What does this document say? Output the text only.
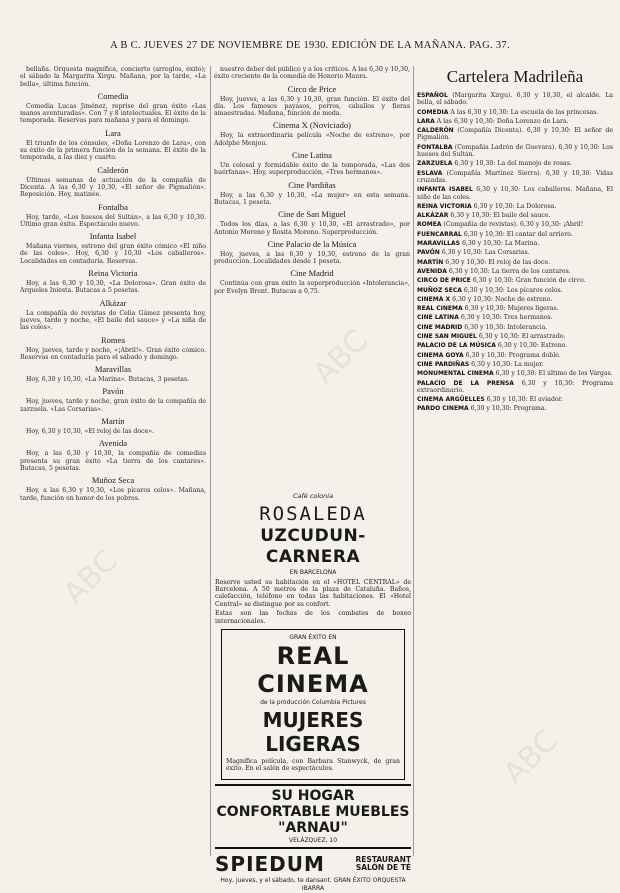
A B C. JUEVES 27 DE NOVIEMBRE DE 1930. EDICIÓN DE LA MAÑANA. PAG. 37.
bellaña. Orquesta magnífica, concierto (arreglos, éxito); el sábado la Margarita Xirgu. Mañana, por la tarde, «La bella», última función.
Comedia
Comedia Lucas Jiménez, reprise del gran éxito «Las manos aventuradas». Con 7 y 8 intelectuales. El éxito de la temporada. Reservas para mañana y para el domingo.
Lara
El triunfo de los cónsules, «Doña Lorenzo de Lara», con su éxito de la primera función de la semana. El éxito de la temporada, a las diez y cuarto.
Calderón
Últimas semanas de actuación de la compañía de Dicenta. A las 6,30 y 10,30, «El señor de Pigmalión». Reposición. Hoy, matinée.
Fontalba
Hoy, tarde, «Los huesos del Sultán», a las 6,30 y 10,30. Último gran éxito. Espectáculo nuevo.
Infanta Isabel
Mañana viernes, estreno del gran éxito cómico «El niño de las coles». Hoy, 6,30 y 10,30 «Los caballeros». Localidades en contaduría. Reservas.
Reina Victoria
Hoy, a las 6,30 y 10,30, «La Dolorosa». Gran éxito de Arqueles Iniesta. Butacas a 5 pesetas.
Alkázar
La compañía de revistas de Celia Gámez presenta hoy, jueves, tarde y noche, «El baile del sauce» y «La niña de las coles».
Romea
Hoy, jueves, tarde y noche, «¡Abril!». Gran éxito cómico. Reservas en contaduría para el sábado y domingo.
Maravillas
Hoy, 6,30 y 10,30, «La Marina». Butacas, 3 pesetas.
Pavón
Hoy, jueves, tarde y noche, gran éxito de la compañía de zarzuela. «Las Corsarias».
Martín
Hoy, 6,30 y 10,30, «El reloj de las doce».
Avenida
Hoy, a las 6,30 y 10,30, la compañía de comedias presenta su gran éxito «La tierra de los cantares». Butacas, 5 pesetas.
Muñoz Seca
Hoy, a las 6,30 y 10,30, «Los pícaros celos». Mañana, tarde, función en honor de los pobres.
nuestro deber del público y a los críticos. A las 6,30 y 10,30, éxito creciente de la comedia de Honorio Maura.
Circo de Price
Hoy, jueves, a las 6,30 y 10,30, gran función. El éxito del día. Los famosos payasos, perros, caballos y fieras amaestradas. Mañana, función de moda.
Cinema X (Noviciado)
Hoy, la extraordinaria película «Noche de estreno», por Adolphe Menjou.
Cine Latina
Un colosal y formidable éxito de la temporada, «Las dos huérfanas». Hoy, superproducción, «Tres hermanos».
Cine Pardiñas
Hoy, a las 6,30 y 10,30, «La mujer» en esta semana. Butacas, 1 peseta.
Cine de San Miguel
Todos los días, a las 6,30 y 10,30, «El arrastrado», por Antonio Moreno y Rosita Moreno. Superproducción.
Cine Palacio de la Música
Hoy, jueves, a las 6,30 y 10,30, estreno de la gran producción. Localidades desde 1 peseta.
Cine Madrid
Continúa con gran éxito la superproducción «Intolerancia», por Evelyn Brent. Butacas a 0,75.
Café colonia
ROSALEDA
UZCUDUN-CARNERA
EN BARCELONA
Reserve usted su habitación en el «HOTEL CENTRAL» de Barcelona. A 50 metros de la plaza de Cataluña. Baños, calefacción, teléfono en todas las habitaciones. El «Hotel Central» se distingue por su confort.
Estas son las fechas de los combates de boxeo internacionales.
GRAN ÉXITO EN
REAL CINEMA
de la producción Columbia Pictures
MUJERES LIGERAS
Magnífica película, con Barbara Stanwyck, de gran éxito. En el salón de espectáculos.
SU HOGAR CONFORTABLE MUEBLES "ARNAU"
VELÁZQUEZ, 10
SPIEDUM	RESTAURANT SALÓN DE TÉ
Hoy, jueves, y el sábado, te dansant. GRAN ÉXITO ORQUESTA IBARRA
Cartelera Madrileña
ESPAÑOL (Margarita Xirgu). 6,30 y 10,30, el alcalde. La bella, el sábado.
COMEDIA A las 6,30 y 10,30: La escuela de las princesas.
LARA A las 6,30 y 10,30: Doña Lorenzo de Lara.
CALDERÓN (Compañía Dicenta). 6,30 y 10,30: El señor de Pigmalión.
FONTALBA (Compañía Ladrón de Guevara). 6,30 y 10,30: Los huesos del Sultán.
ZARZUELA 6,30 y 10,30: La del manojo de rosas.
ESLAVA (Compañía Martínez Sierra). 6,30 y 10,30: Vidas cruzadas.
INFANTA ISABEL 6,30 y 10,30: Los caballeros. Mañana, El niño de las coles.
REINA VICTORIA 6,30 y 10,30: La Dolorosa.
ALKÁZAR 6,30 y 10,30: El baile del sauce.
ROMEA (Compañía de revistas). 6,30 y 10,30: ¡Abril!
FUENCARRAL 6,30 y 10,30: El cantar del arriero.
MARAVILLAS 6,30 y 10,30: La Marina.
PAVÓN 6,30 y 10,30: Las Corsarias.
MARTÍN 6,30 y 10,30: El reloj de las doce.
AVENIDA 6,30 y 10,30: La tierra de los cantares.
CIRCO DE PRICE 6,30 y 10,30: Gran función de circo.
MUÑOZ SECA 6,30 y 10,30: Los pícaros celos.
CINEMA X 6,30 y 10,30: Noche de estreno.
REAL CINEMA 6,30 y 10,30: Mujeres ligeras.
CINE LATINA 6,30 y 10,30: Tres hermanos.
CINE MADRID 6,30 y 10,30: Intolerancia.
CINE SAN MIGUEL 6,30 y 10,30: El arrastrado.
PALACIO DE LA MÚSICA 6,30 y 10,30: Estreno.
CINEMA GOYA 6,30 y 10,30: Programa doble.
CINE PARDIÑAS 6,30 y 10,30: La mujer.
MONUMENTAL CINEMA 6,30 y 10,30: El último de los Vargas.
PALACIO DE LA PRENSA 6,30 y 10,30: Programa extraordinario.
CINEMA ARGÜELLES 6,30 y 10,30: El aviador.
PARDO CINEMA 6,30 y 10,30: Programa.
ABC
ABC
ABC
